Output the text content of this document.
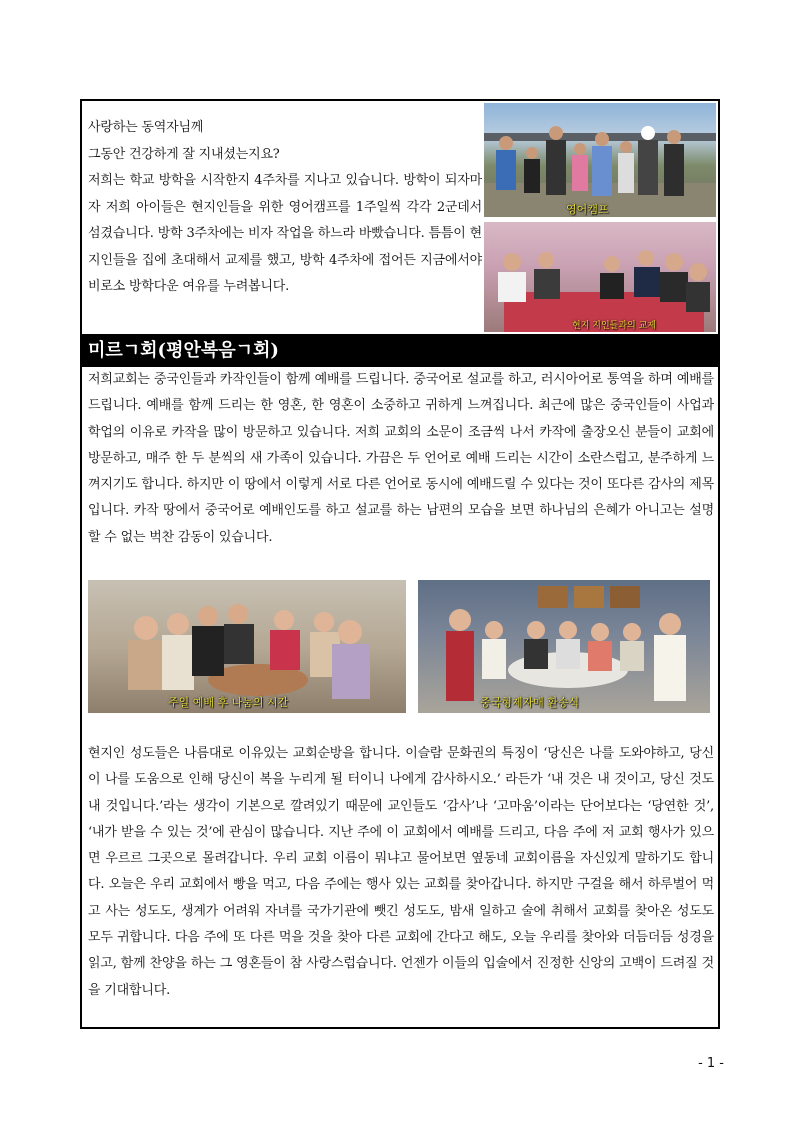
사랑하는 동역자님께

그동안 건강하게 잘 지내셨는지요?

저희는 학교 방학을 시작한지 4주차를 지나고 있습니다. 방학이 되자마자 저희 아이들은 현지인들을 위한 영어캠프를 1주일씩 각각 2군데서 섬겼습니다. 방학 3주차에는 비자 작업을 하느라 바빴습니다. 틈틈이 현지인들을 집에 초대해서 교제를 했고, 방학 4주차에 접어든 지금에서야 비로소 방학다운 여유를 누려봅니다.

영어캠프
현지 지인들과의 교제
미르ㄱ회(평안복음ㄱ회)

저희교회는 중국인들과 카작인들이 함께 예배를 드립니다. 중국어로 설교를 하고, 러시아어로 통역을 하며 예배를 드립니다. 예배를 함께 드리는 한 영혼, 한 영혼이 소중하고 귀하게 느껴집니다. 최근에 많은 중국인들이 사업과 학업의 이유로 카작을 많이 방문하고 있습니다. 저희 교회의 소문이 조금씩 나서 카작에 출장오신 분들이 교회에 방문하고, 매주 한 두 분씩의 새 가족이 있습니다. 가끔은 두 언어로 예배 드리는 시간이 소란스럽고, 분주하게 느껴지기도 합니다. 하지만 이 땅에서 이렇게 서로 다른 언어로 동시에 예배드릴 수 있다는 것이 또다른 감사의 제목입니다. 카작 땅에서 중국어로 예배인도를 하고 설교를 하는 남편의 모습을 보면 하나님의 은혜가 아니고는 설명할 수 없는 벅찬 감동이 있습니다.

주일 예배 후 나눔의 시간	중국형제자매 환송식

현지인 성도들은 나름대로 이유있는 교회순방을 합니다. 이슬람 문화권의 특징이 ‘당신은 나를 도와야하고, 당신이 나를 도움으로 인해 당신이 복을 누리게 될 터이니 나에게 감사하시오.’ 라든가 ‘내 것은 내 것이고, 당신 것도 내 것입니다.’라는 생각이 기본으로 깔려있기 때문에 교인들도 ‘감사’나 ‘고마움’이라는 단어보다는 ‘당연한 것’, ‘내가 받을 수 있는 것’에 관심이 많습니다. 지난 주에 이 교회에서 예배를 드리고, 다음 주에 저 교회 행사가 있으면 우르르 그곳으로 몰려갑니다. 우리 교회 이름이 뭐냐고 물어보면 옆동네 교회이름을 자신있게 말하기도 합니다. 오늘은 우리 교회에서 빵을 먹고, 다음 주에는 행사 있는 교회를 찾아갑니다. 하지만 구걸을 해서 하루벌어 먹고 사는 성도도, 생계가 어려워 자녀를 국가기관에 뺏긴 성도도, 밤새 일하고 술에 취해서 교회를 찾아온 성도도 모두 귀합니다. 다음 주에 또 다른 먹을 것을 찾아 다른 교회에 간다고 해도, 오늘 우리를 찾아와 더듬더듬 성경을 읽고, 함께 찬양을 하는 그 영혼들이 참 사랑스럽습니다. 언젠가 이들의 입술에서 진정한 신앙의 고백이 드려질 것을 기대합니다.

- 1 -
